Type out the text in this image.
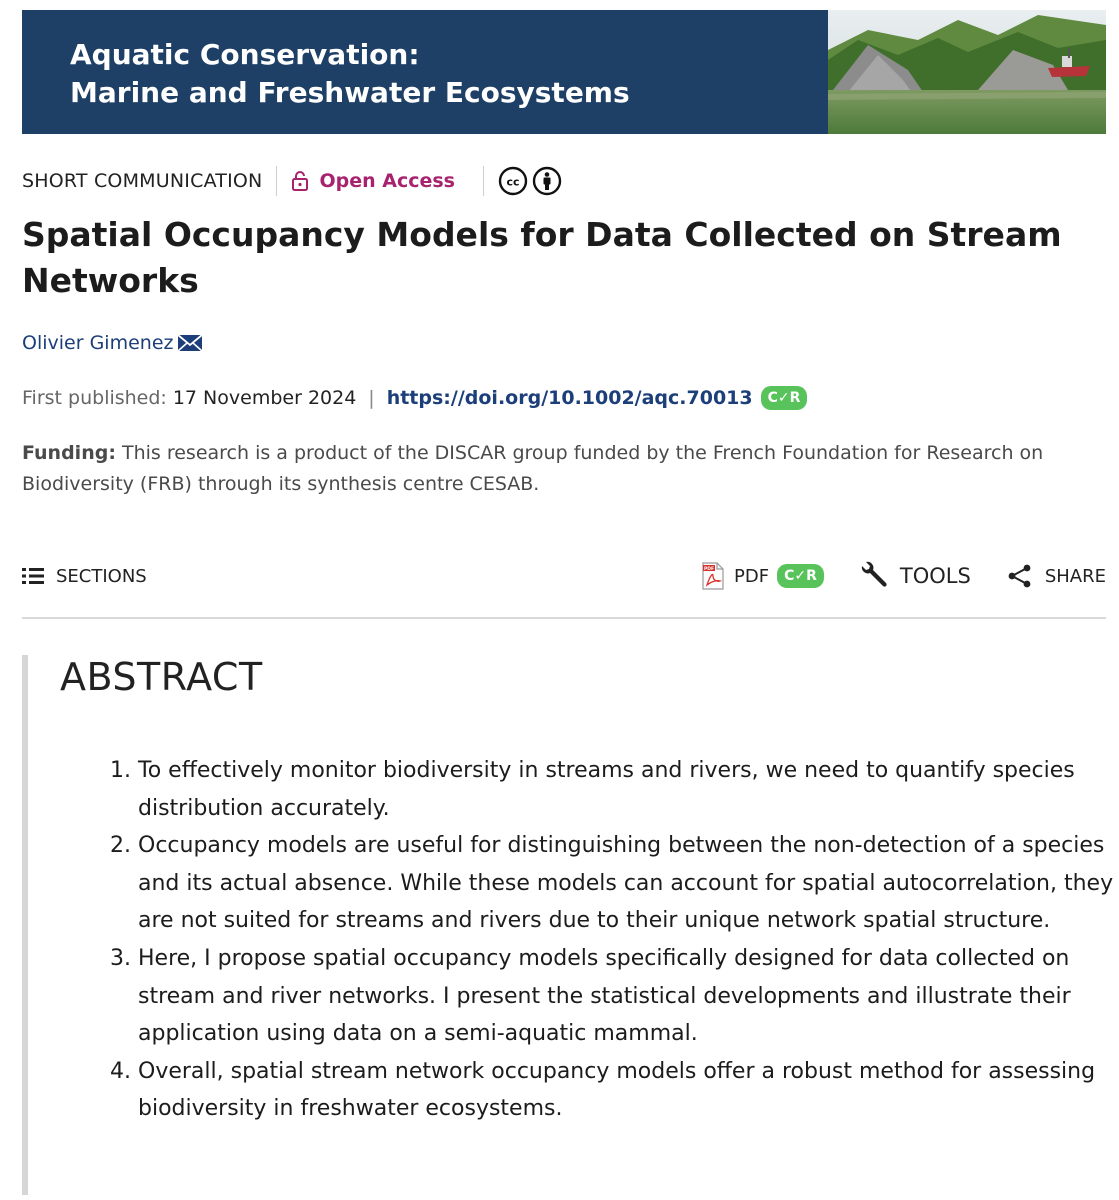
Aquatic Conservation:
Marine and Freshwater Ecosystems
SHORT COMMUNICATION	Open Access	cc
Spatial Occupancy Models for Data Collected on Stream Networks
Olivier Gimenez
First published: 17 November 2024 | https://doi.org/10.1002/aqc.70013	C✓R
Funding: This research is a product of the DISCAR group funded by the French Foundation for Research on Biodiversity (FRB) through its synthesis centre CESAB.
SECTIONS	PDF PDF	C✓R	TOOLS	SHARE
ABSTRACT
1. To effectively monitor biodiversity in streams and rivers, we need to quantify species distribution accurately.
2. Occupancy models are useful for distinguishing between the non-detection of a species and its actual absence. While these models can account for spatial autocorrelation, they are not suited for streams and rivers due to their unique network spatial structure.
3. Here, I propose spatial occupancy models specifically designed for data collected on stream and river networks. I present the statistical developments and illustrate their application using data on a semi-aquatic mammal.
4. Overall, spatial stream network occupancy models offer a robust method for assessing biodiversity in freshwater ecosystems.
